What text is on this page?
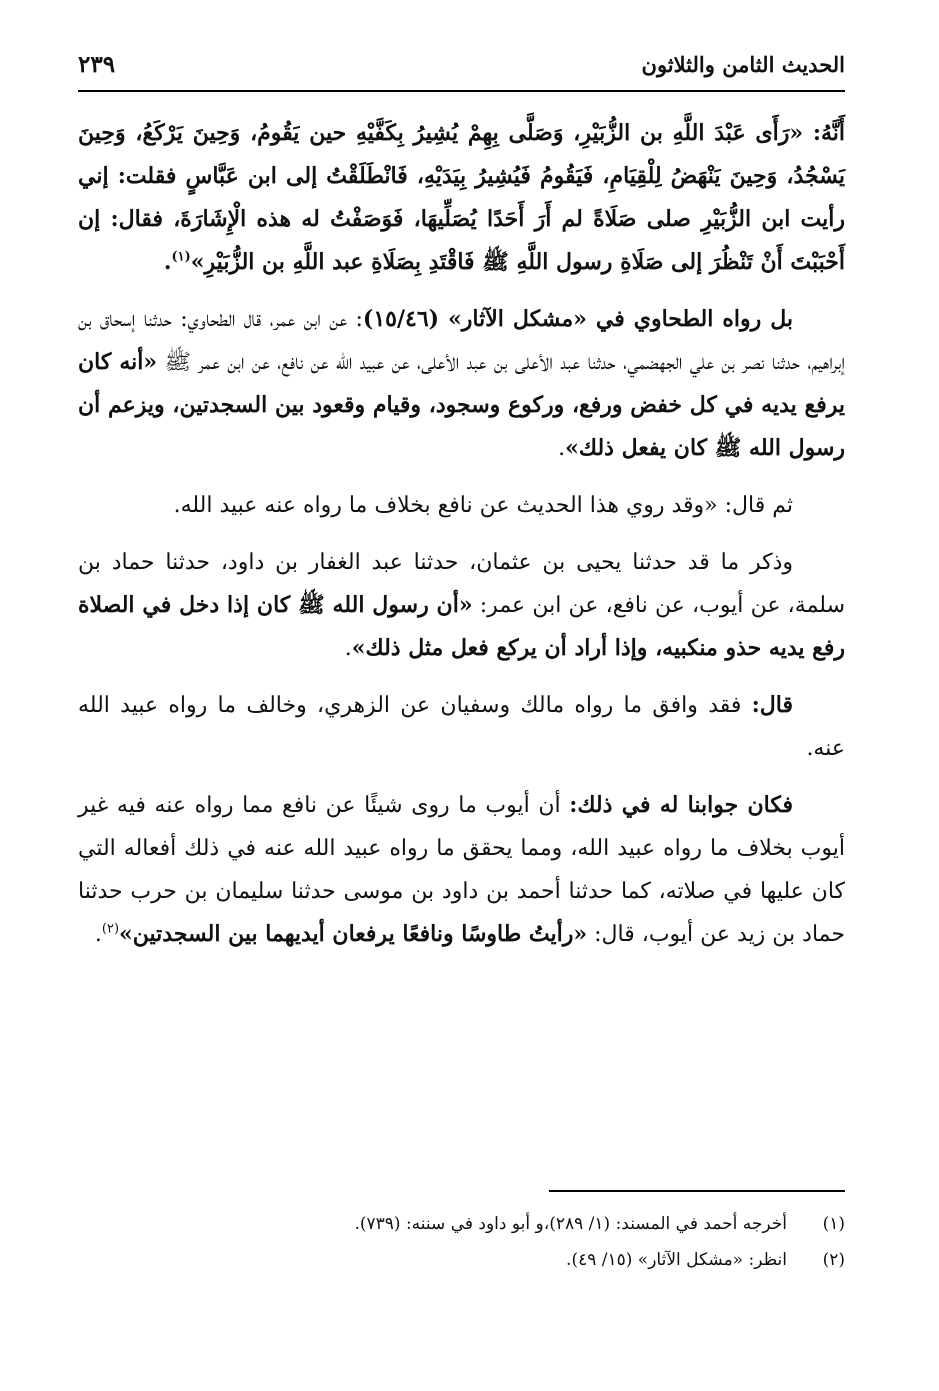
الحديث الثامن والثلاثون
٢٣٩

أَنَّهُ: «رَأَى عَبْدَ اللَّهِ بن الزُّبَيْرِ، وَصَلَّى بِهِمْ يُشِيرُ بِكَفَّيْهِ حين يَقُومُ، وَحِينَ يَرْكَعُ، وَحِينَ يَسْجُدُ، وَحِينَ يَنْهَضُ لِلْقِيَامِ، فَيَقُومُ فَيُشِيرُ بِيَدَيْهِ، فَانْطَلَقْتُ إلى ابن عَبَّاسٍ فقلت: إني رأيت ابن الزُّبَيْرِ صلى صَلَاةً لم أَرَ أَحَدًا يُصَلِّيهَا، فَوَصَفْتُ له هذه الْإِشَارَةَ، فقال: إن أَحْبَبْتَ أَنْ تَنْظُرَ إلى صَلَاةِ رسول اللَّهِ ﷺ فَاقْتَدِ بِصَلَاةِ عبد اللَّهِ بن الزُّبَيْرِ»$^{(١)}$.

بل رواه الطحاوي في «مشكل الآثار» (١٥/٤٦): عن ابن عمر، قال الطحاوي: حدثنا إسحاق بن إبراهيم، حدثنا نصر بن علي الجهضمي، حدثنا عبد الأعلى بن عبد الأعلى، عن عبيد الله عن نافع، عن ابن عمر ﷺ «أنه كان يرفع يديه في كل خفض ورفع، وركوع وسجود، وقيام وقعود بين السجدتين، ويزعم أن رسول الله ﷺ كان يفعل ذلك».

ثم قال: «وقد روي هذا الحديث عن نافع بخلاف ما رواه عنه عبيد الله.

وذكر ما قد حدثنا يحيى بن عثمان، حدثنا عبد الغفار بن داود، حدثنا حماد بن سلمة، عن أيوب، عن نافع، عن ابن عمر: «أن رسول الله ﷺ كان إذا دخل في الصلاة رفع يديه حذو منكبيه، وإذا أراد أن يركع فعل مثل ذلك».

قال: فقد وافق ما رواه مالك وسفيان عن الزهري، وخالف ما رواه عبيد الله عنه.

فكان جوابنا له في ذلك: أن أيوب ما روى شيئًا عن نافع مما رواه عنه فيه غير أيوب بخلاف ما رواه عبيد الله، ومما يحقق ما رواه عبيد الله عنه في ذلك أفعاله التي كان عليها في صلاته، كما حدثنا أحمد بن داود بن موسى حدثنا سليمان بن حرب حدثنا حماد بن زيد عن أيوب، قال: «رأيتُ طاوسًا ونافعًا يرفعان أيديهما بين السجدتين»$^{(٢)}$.

(١)
أخرجه أحمد في المسند: (١/ ٢٨٩)،و أبو داود في سننه: (٧٣٩).
(٢)
انظر: «مشكل الآثار» (١٥/ ٤٩).
